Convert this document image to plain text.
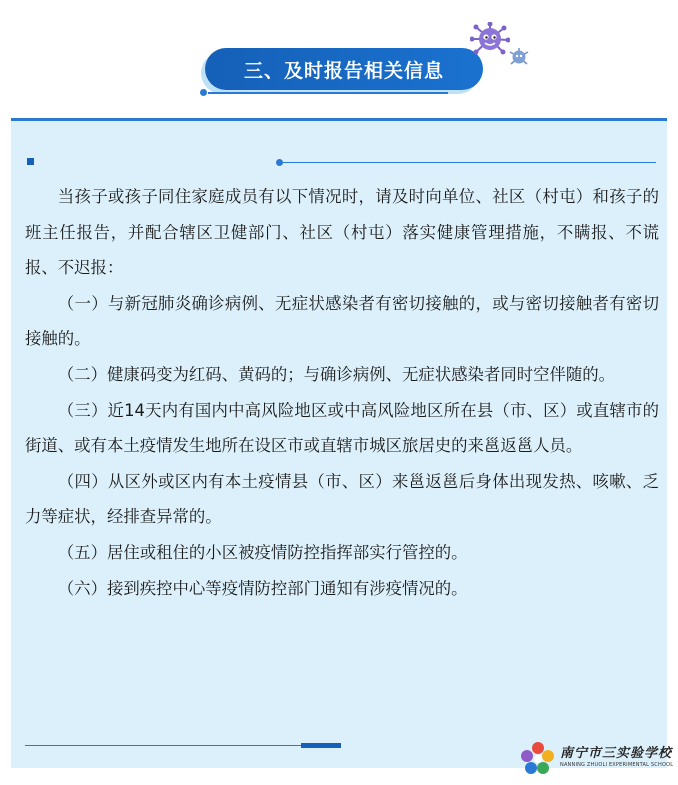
三、及时报告相关信息

当孩子或孩子同住家庭成员有以下情况时，请及时向单位、社区（村屯）和孩子的班主任报告，并配合辖区卫健部门、社区（村屯）落实健康管理措施，不瞒报、不谎报、不迟报：

（一）与新冠肺炎确诊病例、无症状感染者有密切接触的，或与密切接触者有密切接触的。

（二）健康码变为红码、黄码的；与确诊病例、无症状感染者同时空伴随的。

（三）近14天内有国内中高风险地区或中高风险地区所在县（市、区）或直辖市的街道、或有本土疫情发生地所在设区市或直辖市城区旅居史的来邕返邕人员。

（四）从区外或区内有本土疫情县（市、区）来邕返邕后身体出现发热、咳嗽、乏力等症状，经排查异常的。

（五）居住或租住的小区被疫情防控指挥部实行管控的。

（六）接到疾控中心等疫情防控部门通知有涉疫情况的。

南宁市三实验学校
NANNING ZHUOLI EXPERIMENTAL SCHOOL
